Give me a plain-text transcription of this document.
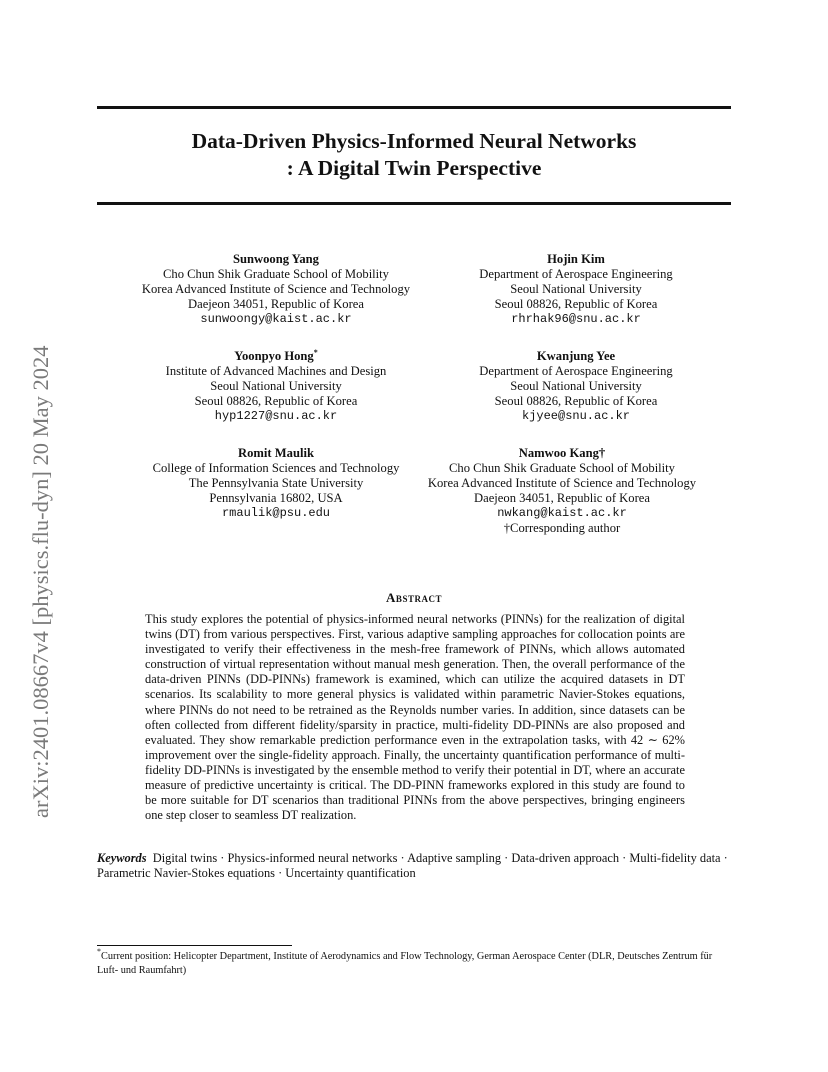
arXiv:2401.08667v4 [physics.flu-dyn] 20 May 2024
Data-Driven Physics-Informed Neural Networks
: A Digital Twin Perspective
Sunwoong Yang
Cho Chun Shik Graduate School of Mobility
Korea Advanced Institute of Science and Technology
Daejeon 34051, Republic of Korea
sunwoongy@kaist.ac.kr
Hojin Kim
Department of Aerospace Engineering
Seoul National University
Seoul 08826, Republic of Korea
rhrhak96@snu.ac.kr
Yoonpyo Hong*
Institute of Advanced Machines and Design
Seoul National University
Seoul 08826, Republic of Korea
hyp1227@snu.ac.kr
Kwanjung Yee
Department of Aerospace Engineering
Seoul National University
Seoul 08826, Republic of Korea
kjyee@snu.ac.kr
Romit Maulik
College of Information Sciences and Technology
The Pennsylvania State University
Pennsylvania 16802, USA
rmaulik@psu.edu
Namwoo Kang†
Cho Chun Shik Graduate School of Mobility
Korea Advanced Institute of Science and Technology
Daejeon 34051, Republic of Korea
nwkang@kaist.ac.kr
†Corresponding author
Abstract
This study explores the potential of physics-informed neural networks (PINNs) for the realization of digital twins (DT) from various perspectives. First, various adaptive sampling approaches for collocation points are investigated to verify their effectiveness in the mesh-free framework of PINNs, which allows automated construction of virtual representation without manual mesh generation. Then, the overall performance of the data-driven PINNs (DD-PINNs) framework is examined, which can utilize the acquired datasets in DT scenarios. Its scalability to more general physics is validated within parametric Navier-Stokes equations, where PINNs do not need to be retrained as the Reynolds number varies. In addition, since datasets can be often collected from different fidelity/sparsity in practice, multi-fidelity DD-PINNs are also proposed and evaluated. They show remarkable prediction performance even in the extrapolation tasks, with 42 ∼ 62% improvement over the single-fidelity approach. Finally, the uncertainty quantification performance of multi-fidelity DD-PINNs is investigated by the ensemble method to verify their potential in DT, where an accurate measure of predictive uncertainty is critical. The DD-PINN frameworks explored in this study are found to be more suitable for DT scenarios than traditional PINNs from the above perspectives, bringing engineers one step closer to seamless DT realization.
Keywords Digital twins · Physics-informed neural networks · Adaptive sampling · Data-driven approach · Multi-fidelity data · Parametric Navier-Stokes equations · Uncertainty quantification
*Current position: Helicopter Department, Institute of Aerodynamics and Flow Technology, German Aerospace Center (DLR, Deutsches Zentrum für Luft- und Raumfahrt)
